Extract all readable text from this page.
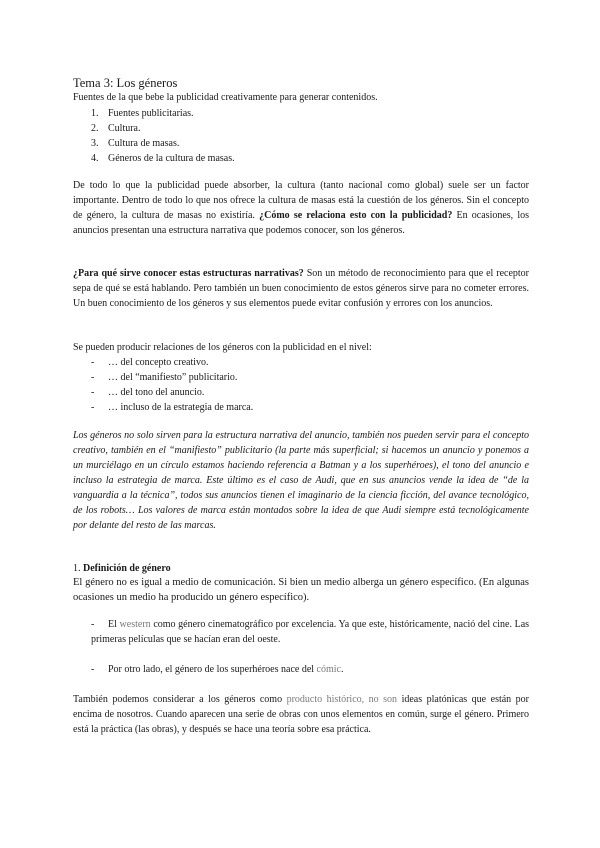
Tema 3: Los géneros
Fuentes de la que bebe la publicidad creativamente para generar contenidos.
1. Fuentes publicitarias.
2. Cultura.
3. Cultura de masas.
4. Géneros de la cultura de masas.
De todo lo que la publicidad puede absorber, la cultura (tanto nacional como global) suele ser un factor importante. Dentro de todo lo que nos ofrece la cultura de masas está la cuestión de los géneros. Sin el concepto de género, la cultura de masas no existiría. ¿Cómo se relaciona esto con la publicidad? En ocasiones, los anuncios presentan una estructura narrativa que podemos conocer, son los géneros.
¿Para qué sirve conocer estas estructuras narrativas? Son un método de reconocimiento para que el receptor sepa de qué se está hablando. Pero también un buen conocimiento de estos géneros sirve para no cometer errores. Un buen conocimiento de los géneros y sus elementos puede evitar confusión y errores con los anuncios.
Se pueden producir relaciones de los géneros con la publicidad en el nivel:
- … del concepto creativo.
- … del “manifiesto” publicitario.
- … del tono del anuncio.
- … incluso de la estrategia de marca.
Los géneros no solo sirven para la estructura narrativa del anuncio, también nos pueden servir para el concepto creativo, también en el “manifiesto” publicitario (la parte más superficial; si hacemos un anuncio y ponemos a un murciélago en un círculo estamos haciendo referencia a Batman y a los superhéroes), el tono del anuncio e incluso la estrategia de marca. Este último es el caso de Audi, que en sus anuncios vende la idea de “de la vanguardia a la técnica”, todos sus anuncios tienen el imaginario de la ciencia ficción, del avance tecnológico, de los robots… Los valores de marca están montados sobre la idea de que Audi siempre está tecnológicamente por delante del resto de las marcas.
1. Definición de género
El género no es igual a medio de comunicación. Si bien un medio alberga un género específico. (En algunas ocasiones un medio ha producido un género específico).
- El western como género cinematográfico por excelencia. Ya que este, históricamente, nació del cine. Las primeras películas que se hacían eran del oeste.
- Por otro lado, el género de los superhéroes nace del cómic.
También podemos considerar a los géneros como producto histórico, no son ideas platónicas que están por encima de nosotros. Cuando aparecen una serie de obras con unos elementos en común, surge el género. Primero está la práctica (las obras), y después se hace una teoría sobre esa práctica.
